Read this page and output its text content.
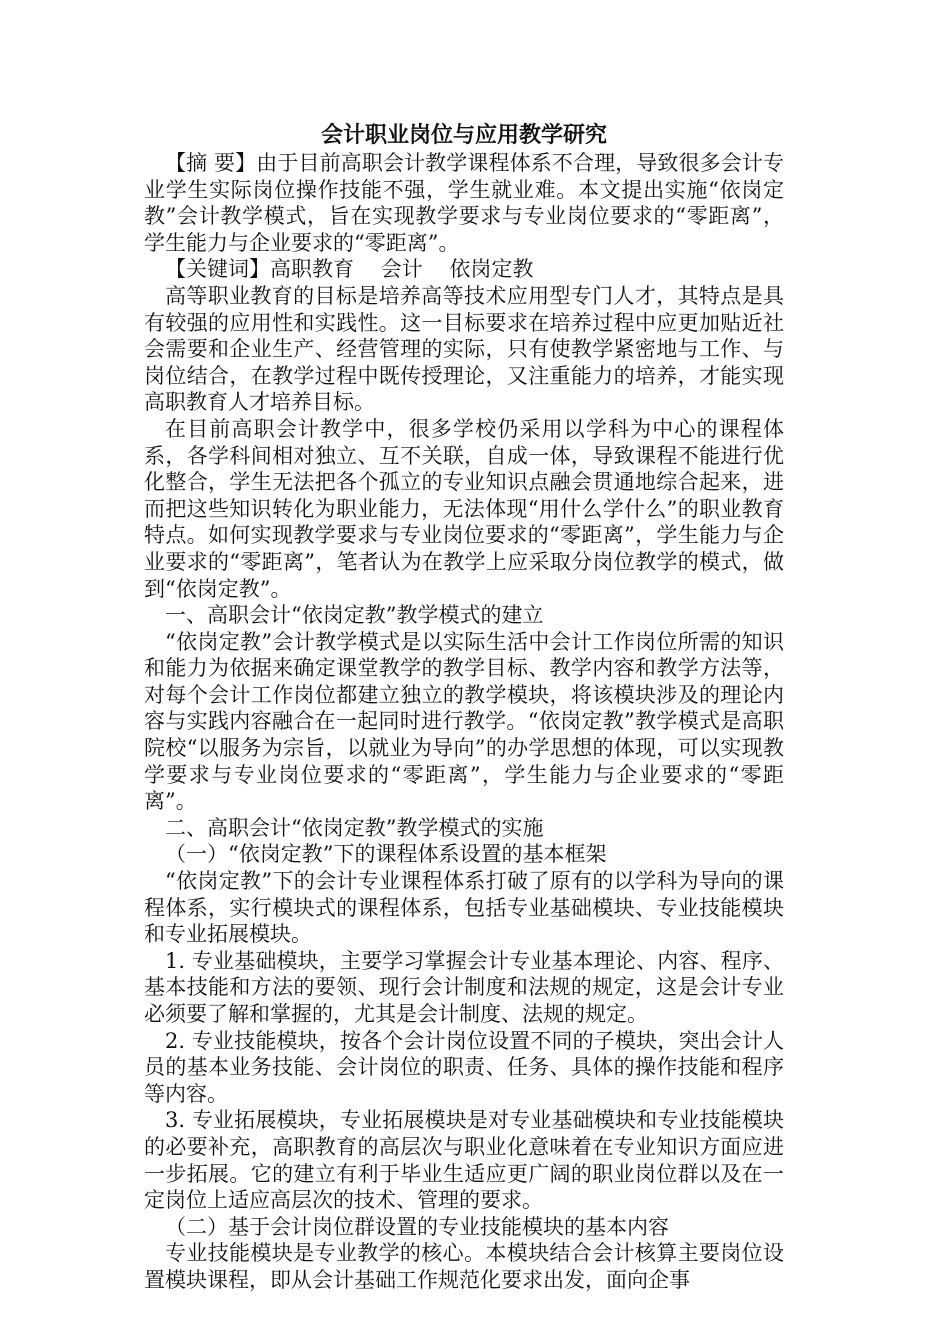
会计职业岗位与应用教学研究

【摘 要】由于目前高职会计教学课程体系不合理，导致很多会计专业学生实际岗位操作技能不强，学生就业难。本文提出实施“依岗定教”会计教学模式，旨在实现教学要求与专业岗位要求的“零距离”，学生能力与企业要求的“零距离”。

【关键词】高职教育    会计    依岗定教

高等职业教育的目标是培养高等技术应用型专门人才，其特点是具有较强的应用性和实践性。这一目标要求在培养过程中应更加贴近社会需要和企业生产、经营管理的实际，只有使教学紧密地与工作、与岗位结合，在教学过程中既传授理论，又注重能力的培养，才能实现高职教育人才培养目标。

在目前高职会计教学中，很多学校仍采用以学科为中心的课程体系，各学科间相对独立、互不关联，自成一体，导致课程不能进行优化整合，学生无法把各个孤立的专业知识点融会贯通地综合起来，进而把这些知识转化为职业能力，无法体现“用什么学什么”的职业教育特点。如何实现教学要求与专业岗位要求的“零距离”，学生能力与企业要求的“零距离”，笔者认为在教学上应采取分岗位教学的模式，做到“依岗定教”。

一、高职会计“依岗定教”教学模式的建立

“依岗定教”会计教学模式是以实际生活中会计工作岗位所需的知识和能力为依据来确定课堂教学的教学目标、教学内容和教学方法等，对每个会计工作岗位都建立独立的教学模块，将该模块涉及的理论内容与实践内容融合在一起同时进行教学。“依岗定教”教学模式是高职院校“以服务为宗旨，以就业为导向”的办学思想的体现，可以实现教学要求与专业岗位要求的“零距离”，学生能力与企业要求的“零距离”。

二、高职会计“依岗定教”教学模式的实施

（一）“依岗定教”下的课程体系设置的基本框架

“依岗定教”下的会计专业课程体系打破了原有的以学科为导向的课程体系，实行模块式的课程体系，包括专业基础模块、专业技能模块和专业拓展模块。

1. 专业基础模块，主要学习掌握会计专业基本理论、内容、程序、基本技能和方法的要领、现行会计制度和法规的规定，这是会计专业必须要了解和掌握的，尤其是会计制度、法规的规定。

2. 专业技能模块，按各个会计岗位设置不同的子模块，突出会计人员的基本业务技能、会计岗位的职责、任务、具体的操作技能和程序等内容。

3. 专业拓展模块，专业拓展模块是对专业基础模块和专业技能模块的必要补充，高职教育的高层次与职业化意味着在专业知识方面应进一步拓展。它的建立有利于毕业生适应更广阔的职业岗位群以及在一定岗位上适应高层次的技术、管理的要求。

（二）基于会计岗位群设置的专业技能模块的基本内容

专业技能模块是专业教学的核心。本模块结合会计核算主要岗位设置模块课程，即从会计基础工作规范化要求出发，面向企事
